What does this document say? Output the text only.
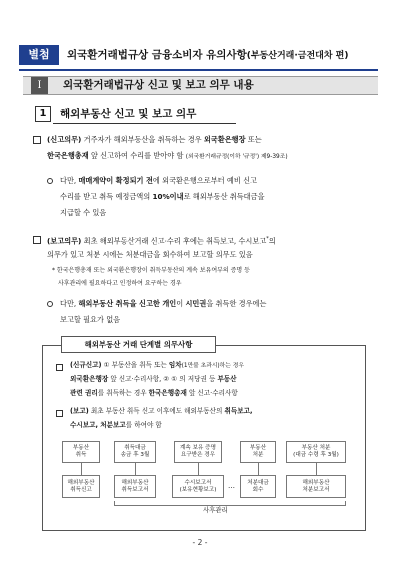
별첨	외국환거래법규상 금융소비자 유의사항(부동산거래·금전대차 편)
I	외국환거래법규상 신고 및 보고 의무 내용
1	해외부동산 신고 및 보고 의무
(신고의무) 거주자가 해외부동산을 취득하는 경우 외국환은행장 또는
한국은행총재 앞 신고하여 수리를 받아야 함 (외국환거래규정(이하 '규정') 제9-39조)
다만, 매매계약이 확정되기 전에 외국환은행으로부터 예비 신고
수리를 받고 취득 예정금액의 10%이내로 해외부동산 취득대금을
지급할 수 있음
(보고의무) 최초 해외부동산거래 신고·수리 후에는 취득보고, 수시보고*의
의무가 있고 처분 시에는 처분대금을 회수하여 보고할 의무도 있음
* 한국은행총재 또는 외국환은행장이 취득부동산의 계속 보유여부의 증명 등
사후관리에 필요하다고 인정하여 요구하는 경우
다만, 해외부동산 취득을 신고한 개인이 시민권을 취득한 경우에는
보고할 필요가 없음
해외부동산 거래 단계별 의무사항
(신규신고) ① 부동산을 취득 또는 임차(1만불 초과시)하는 경우
외국환은행장 앞 신고·수리사항, ② ① 의 저당권 등 부동산
관련 권리를 취득하는 경우 한국은행총재 앞 신고·수리사항
(보고) 최초 부동산 취득 신고 이후에도 해외부동산의 취득보고,
수시보고, 처분보고를 하여야 함
부동산
취득
취득대금
송금 후 3월
계속 보유 증명
요구받은 경우
부동산
처분
부동산 처분
(대금 수령 후 3월)
해외부동산
취득신고
해외부동산
취득보고서
수시보고서
(보유현황보고) … 처분대금
회수
해외부동산
처분보고서
사후관리
- 2 -
